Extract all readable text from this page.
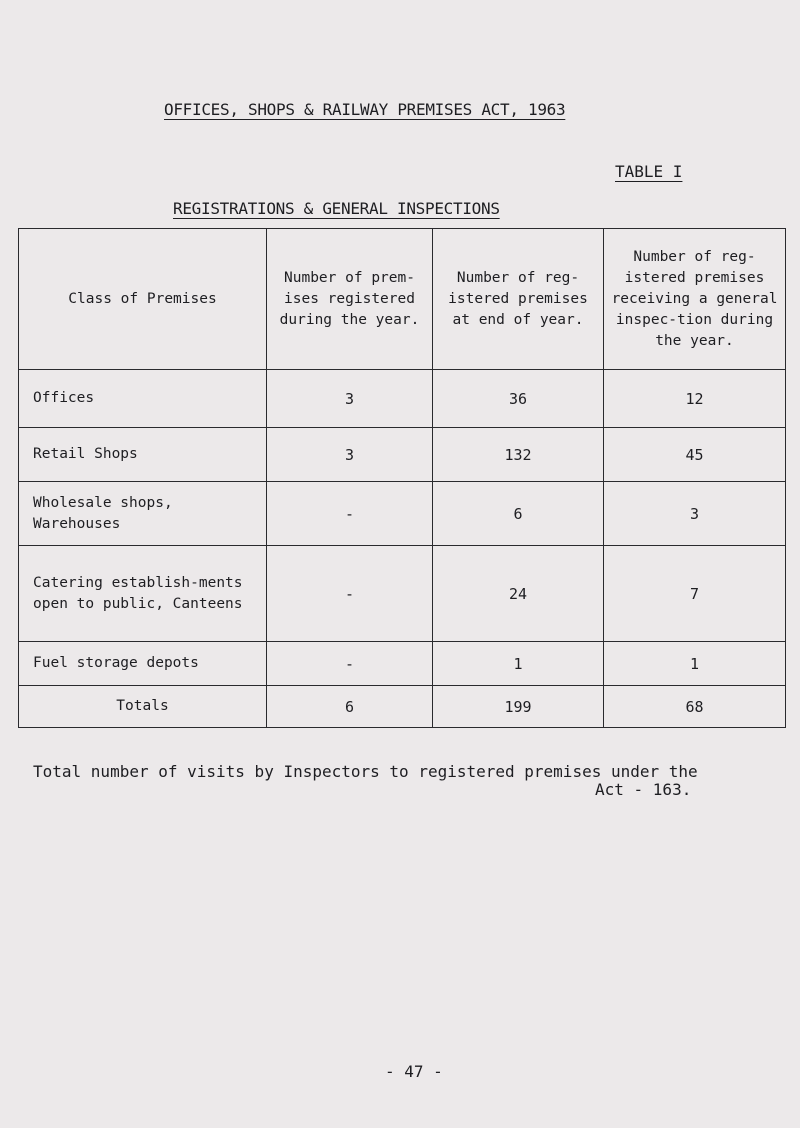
OFFICES, SHOPS & RAILWAY PREMISES ACT, 1963
TABLE I
REGISTRATIONS & GENERAL INSPECTIONS
Class of Premises	Number of prem-ises registered during the year.	Number of reg-istered premises at end of year.	Number of reg-istered premises receiving a general inspec-tion during the year.
Offices	3	36	12
Retail Shops	3	132	45
Wholesale shops, Warehouses	-	6	3
Catering establish-ments open to public, Canteens	-	24	7
Fuel storage depots	-	1	1
Totals	6	199	68
Total number of visits by Inspectors to registered premises under the
Act - 163.
- 47 -
